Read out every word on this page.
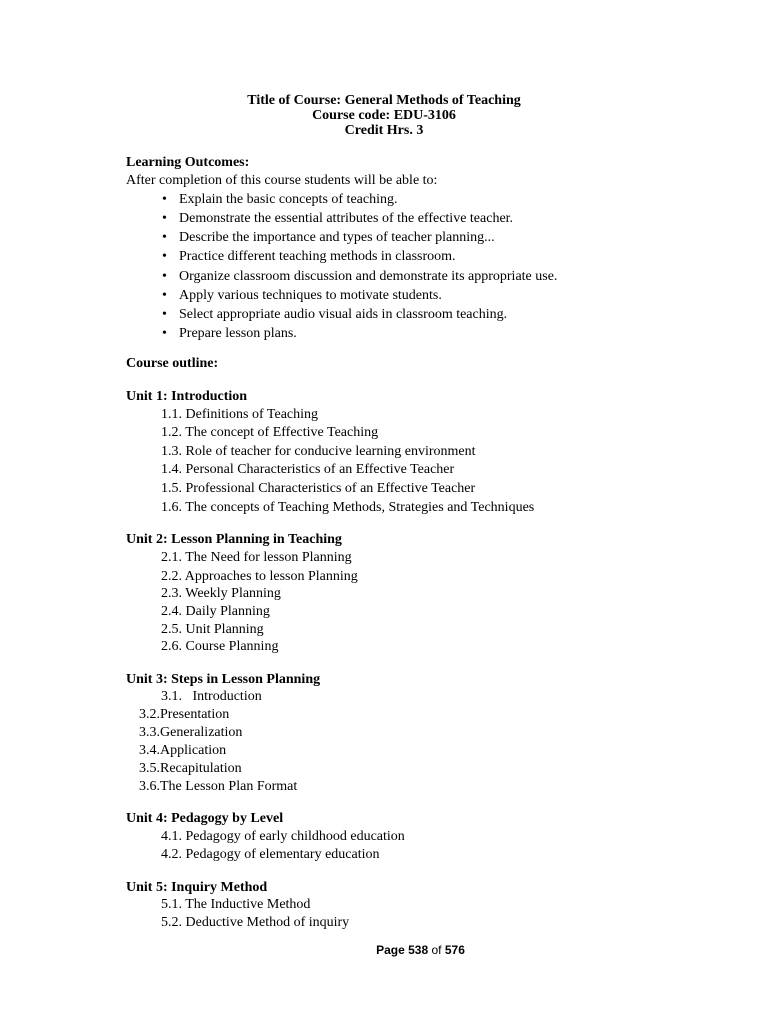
Title of Course: General Methods of Teaching
Course code: EDU-3106
Credit Hrs. 3
Learning Outcomes:
After completion of this course students will be able to:
• Explain the basic concepts of teaching.
• Demonstrate the essential attributes of the effective teacher.
• Describe the importance and types of teacher planning...
• Practice different teaching methods in classroom.
• Organize classroom discussion and demonstrate its appropriate use.
• Apply various techniques to motivate students.
• Select appropriate audio visual aids in classroom teaching.
• Prepare lesson plans.
Course outline:
Unit 1: Introduction
1.1. Definitions of Teaching
1.2. The concept of Effective Teaching
1.3. Role of teacher for conducive learning environment
1.4. Personal Characteristics of an Effective Teacher
1.5. Professional Characteristics of an Effective Teacher
1.6. The concepts of Teaching Methods, Strategies and Techniques
Unit 2: Lesson Planning in Teaching
2.1. The Need for lesson Planning
2.2. Approaches to lesson Planning
2.3. Weekly Planning
2.4. Daily Planning
2.5. Unit Planning
2.6. Course Planning
Unit 3: Steps in Lesson Planning
3.1.   Introduction
3.2.Presentation
3.3.Generalization
3.4.Application
3.5.Recapitulation
3.6.The Lesson Plan Format
Unit 4: Pedagogy by Level
4.1. Pedagogy of early childhood education
4.2. Pedagogy of elementary education
Unit 5: Inquiry Method
5.1. The Inductive Method
5.2. Deductive Method of inquiry
Page 538 of 576
